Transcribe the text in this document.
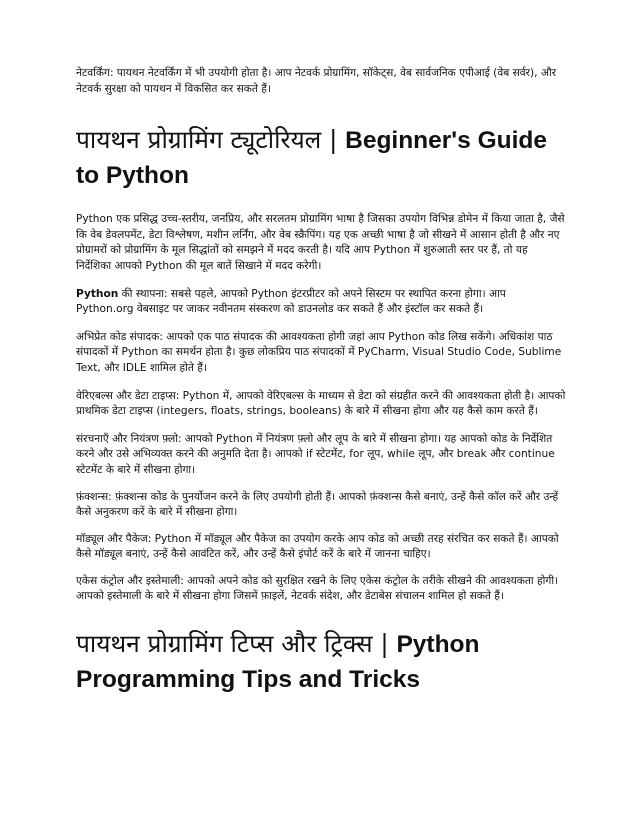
नेटवर्किंग: पायथन नेटवर्किंग में भी उपयोगी होता है। आप नेटवर्क प्रोग्रामिंग, सॉकेट्स, वेब सार्वजनिक एपीआई (वेब सर्वर), और नेटवर्क सुरक्षा को पायथन में विकसित कर सकते हैं।

पायथन प्रोग्रामिंग ट्यूटोरियल | Beginner's Guide to Python

Python एक प्रसिद्ध उच्च-स्तरीय, जनप्रिय, और सरलतम प्रोग्रामिंग भाषा है जिसका उपयोग विभिन्न डोमेन में किया जाता है, जैसे कि वेब डेवलपमेंट, डेटा विश्लेषण, मशीन लर्निंग, और वेब स्क्रैपिंग। यह एक अच्छी भाषा है जो सीखने में आसान होती है और नए प्रोग्रामरों को प्रोग्रामिंग के मूल सिद्धांतों को समझने में मदद करती है। यदि आप Python में शुरुआती स्तर पर हैं, तो यह निर्देशिका आपको Python की मूल बातें सिखाने में मदद करेगी।

Python की स्थापना: सबसे पहले, आपको Python इंटरप्रीटर को अपने सिस्टम पर स्थापित करना होगा। आप Python.org वेबसाइट पर जाकर नवीनतम संस्करण को डाउनलोड कर सकते हैं और इंस्टॉल कर सकते हैं।

अभिप्रेत कोड संपादक: आपको एक पाठ संपादक की आवश्यकता होगी जहां आप Python कोड लिख सकेंगे। अधिकांश पाठ संपादकों में Python का समर्थन होता है। कुछ लोकप्रिय पाठ संपादकों में PyCharm, Visual Studio Code, Sublime Text, और IDLE शामिल होते हैं।

वेरिएबल्स और डेटा टाइप्स: Python में, आपको वेरिएबल्स के माध्यम से डेटा को संग्रहीत करने की आवश्यकता होती है। आपको प्राथमिक डेटा टाइप्स (integers, floats, strings, booleans) के बारे में सीखना होगा और यह कैसे काम करते हैं।

संरचनाएँ और नियंत्रण फ़्लो: आपको Python में नियंत्रण फ़्लो और लूप के बारे में सीखना होगा। यह आपको कोड के निर्देशित करने और उसे अभिव्यक्त करने की अनुमति देता है। आपको if स्टेटमेंट, for लूप, while लूप, और break और continue स्टेटमेंट के बारे में सीखना होगा।

फ़ंक्शन्स: फ़ंक्शन्स कोड के पुनर्योजन करने के लिए उपयोगी होती हैं। आपको फ़ंक्शन्स कैसे बनाएं, उन्हें कैसे कॉल करें और उन्हें कैसे अनुकरण करें के बारे में सीखना होगा।

मॉड्यूल और पैकेज: Python में मॉड्यूल और पैकेज का उपयोग करके आप कोड को अच्छी तरह संरचित कर सकते हैं। आपको कैसे मॉड्यूल बनाएं, उन्हें कैसे आवंटित करें, और उन्हें कैसे इंपोर्ट करें के बारे में जानना चाहिए।

एकेस कंट्रोल और इस्तेमाली: आपको अपने कोड को सुरक्षित रखने के लिए एकेस कंट्रोल के तरीके सीखने की आवश्यकता होगी। आपको इस्तेमाली के बारे में सीखना होगा जिसमें फ़ाइलें, नेटवर्क संदेश, और डेटाबेस संचालन शामिल हो सकते हैं।

पायथन प्रोग्रामिंग टिप्स और ट्रिक्स | Python Programming Tips and Tricks
